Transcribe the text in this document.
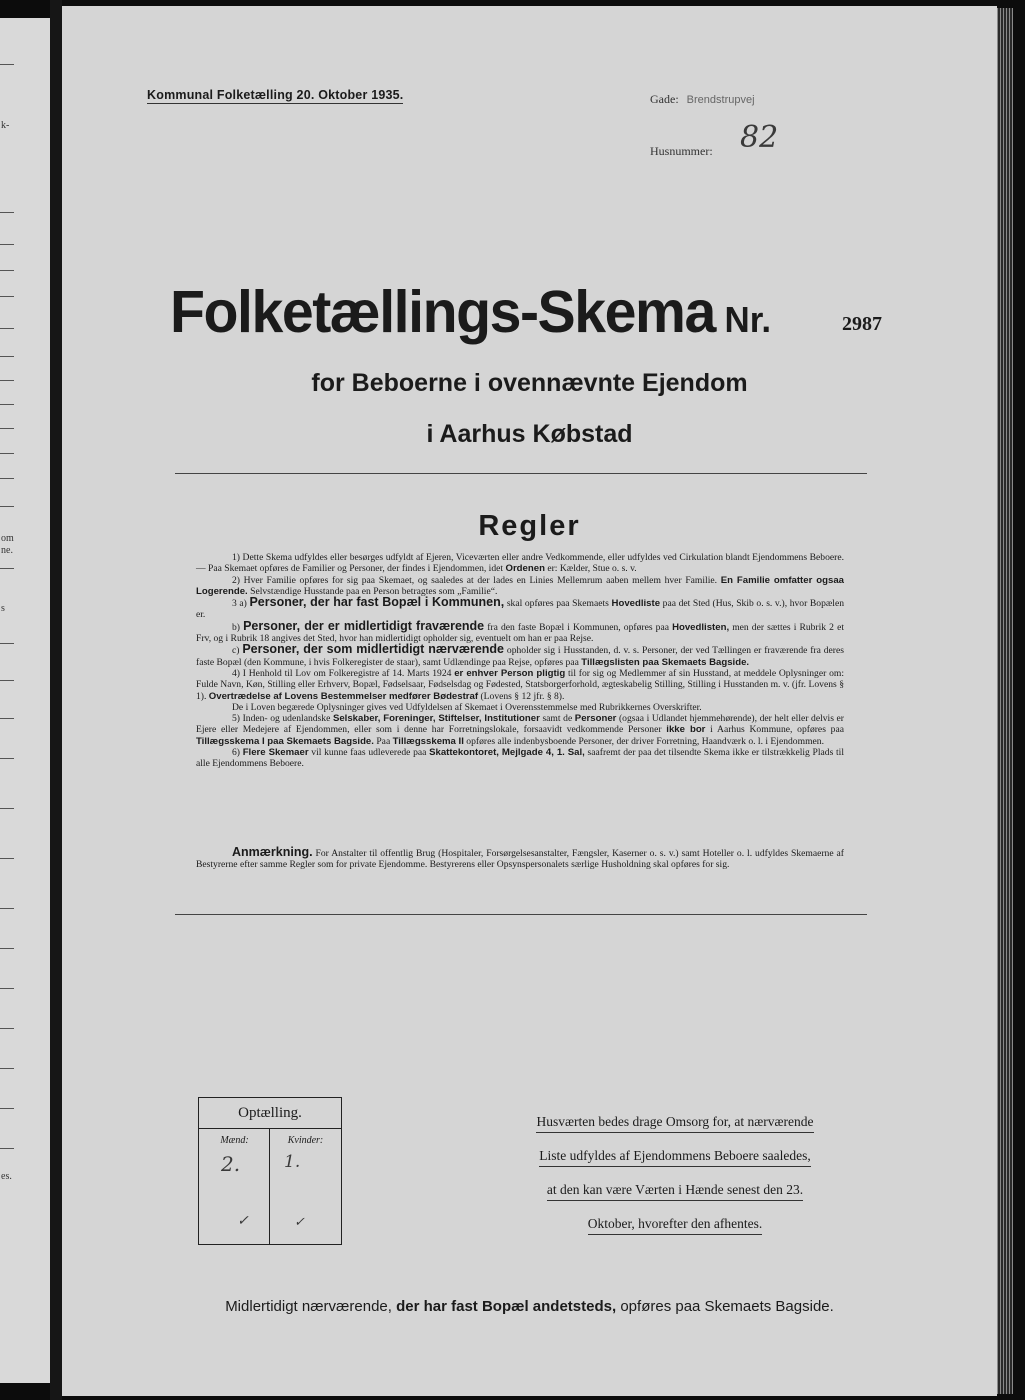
k-
om
ne.
s
es.
Kommunal Folketælling 20. Oktober 1935.	Gade: Brendstrupvej
Husnummer: 82
Folketællings-Skema Nr.	2987
for Beboerne i ovennævnte Ejendom
i Aarhus Købstad
Regler

1) Dette Skema udfyldes eller besørges udfyldt af Ejeren, Viceværten eller andre Vedkommende, eller udfyldes ved Cirkulation blandt Ejendommens Beboere. — Paa Skemaet opføres de Familier og Personer, der findes i Ejendommen, idet Ordenen er: Kælder, Stue o. s. v.

2) Hver Familie opføres for sig paa Skemaet, og saaledes at der lades en Linies Mellemrum aaben mellem hver Familie. En Familie omfatter ogsaa Logerende. Selvstændige Husstande paa en Person betragtes som „Familie“.

3 a) Personer, der har fast Bopæl i Kommunen, skal opføres paa Skemaets Hovedliste paa det Sted (Hus, Skib o. s. v.), hvor Bopælen er.

b) Personer, der er midlertidigt fraværende fra den faste Bopæl i Kommunen, opføres paa Hovedlisten, men der sættes i Rubrik 2 et Frv, og i Rubrik 18 angives det Sted, hvor han midlertidigt opholder sig, eventuelt om han er paa Rejse.

c) Personer, der som midlertidigt nærværende opholder sig i Husstanden, d. v. s. Personer, der ved Tællingen er fraværende fra deres faste Bopæl (den Kommune, i hvis Folkeregister de staar), samt Udlændinge paa Rejse, opføres paa Tillægslisten paa Skemaets Bagside.

4) I Henhold til Lov om Folkeregistre af 14. Marts 1924 er enhver Person pligtig til for sig og Medlemmer af sin Husstand, at meddele Oplysninger om: Fulde Navn, Køn, Stilling eller Erhverv, Bopæl, Fødselsaar, Fødselsdag og Fødested, Statsborgerforhold, ægteskabelig Stilling, Stilling i Husstanden m. v. (jfr. Lovens § 1). Overtrædelse af Lovens Bestemmelser medfører Bødestraf (Lovens § 12 jfr. § 8).

De i Loven begærede Oplysninger gives ved Udfyldelsen af Skemaet i Overensstemmelse med Rubrikkernes Overskrifter.

5) Inden- og udenlandske Selskaber, Foreninger, Stiftelser, Institutioner samt de Personer (ogsaa i Udlandet hjemmehørende), der helt eller delvis er Ejere eller Medejere af Ejendommen, eller som i denne har Forretningslokale, forsaavidt vedkommende Personer ikke bor i Aarhus Kommune, opføres paa Tillægsskema I paa Skemaets Bagside. Paa Tillægsskema II opføres alle indenbysboende Personer, der driver Forretning, Haandværk o. l. i Ejendommen.

6) Flere Skemaer vil kunne faas udleverede paa Skattekontoret, Mejlgade 4, 1. Sal, saafremt der paa det tilsendte Skema ikke er tilstrækkelig Plads til alle Ejendommens Beboere.

Anmærkning. For Anstalter til offentlig Brug (Hospitaler, Forsørgelsesanstalter, Fængsler, Kaserner o. s. v.) samt Hoteller o. l. udfyldes Skemaerne af Bestyrerne efter samme Regler som for private Ejendomme. Bestyrerens eller Opsynspersonalets særlige Husholdning skal opføres for sig.
Optælling.
Mænd:
2.
✓
Kvinder:
1.
✓
Husværten bedes drage Omsorg for, at nærværende
Liste udfyldes af Ejendommens Beboere saaledes,
at den kan være Værten i Hænde senest den 23.
Oktober, hvorefter den afhentes.
Midlertidigt nærværende, der har fast Bopæl andetsteds, opføres paa Skemaets Bagside.
